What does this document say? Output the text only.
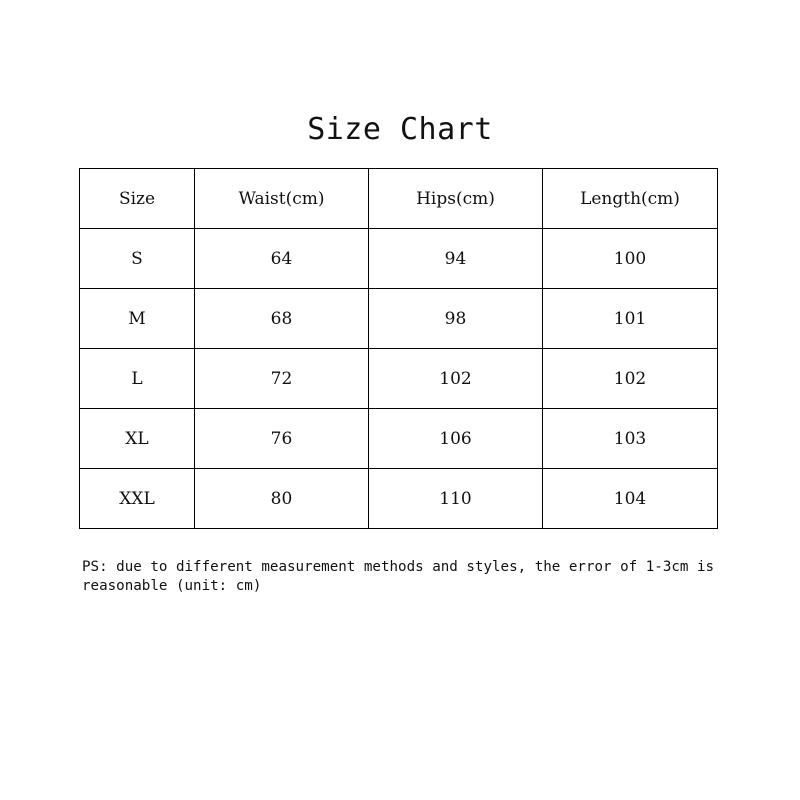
Size Chart
Size	Waist(cm)	Hips(cm)	Length(cm)
S	64	94	100
M	68	98	101
L	72	102	102
XL	76	106	103
XXL	80	110	104
PS: due to different measurement methods and styles, the error of 1-3cm is reasonable (unit: cm)
